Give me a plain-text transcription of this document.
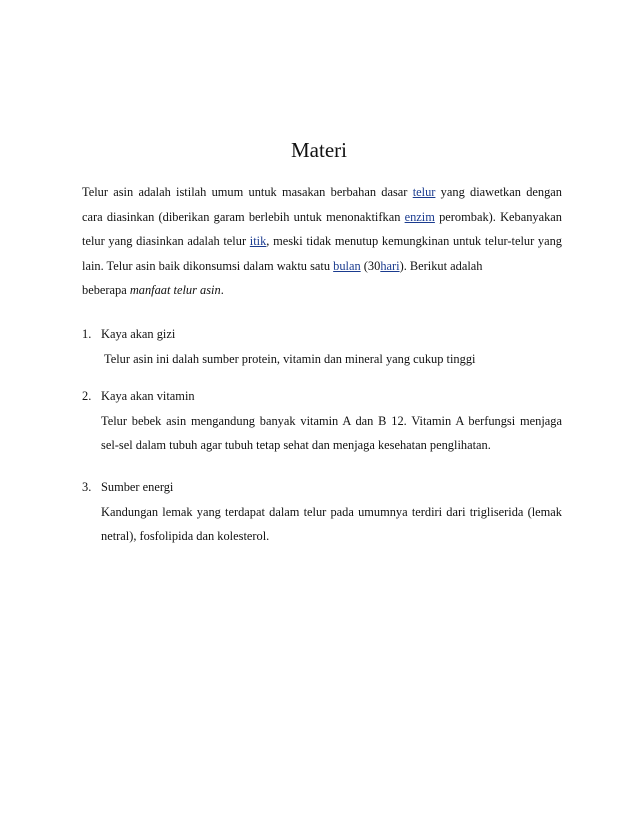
Materi
Telur asin adalah istilah umum untuk masakan berbahan dasar telur yang diawetkan dengan
cara diasinkan (diberikan garam berlebih untuk menonaktifkan enzim perombak). Kebanyakan
telur yang diasinkan adalah telur itik, meski tidak menutup kemungkinan untuk telur-telur yang
lain. Telur asin baik dikonsumsi dalam waktu satu bulan (30hari). Berikut adalah
beberapa manfaat telur asin.
1. Kaya akan gizi
Telur asin ini dalah sumber protein, vitamin dan mineral yang cukup tinggi
2. Kaya akan vitamin
Telur bebek asin mengandung banyak vitamin A dan B 12. Vitamin A berfungsi menjaga
sel-sel dalam tubuh agar tubuh tetap sehat dan menjaga kesehatan penglihatan.
3. Sumber energi
Kandungan lemak yang terdapat dalam telur pada umumnya terdiri dari trigliserida (lemak
netral), fosfolipida dan kolesterol.
